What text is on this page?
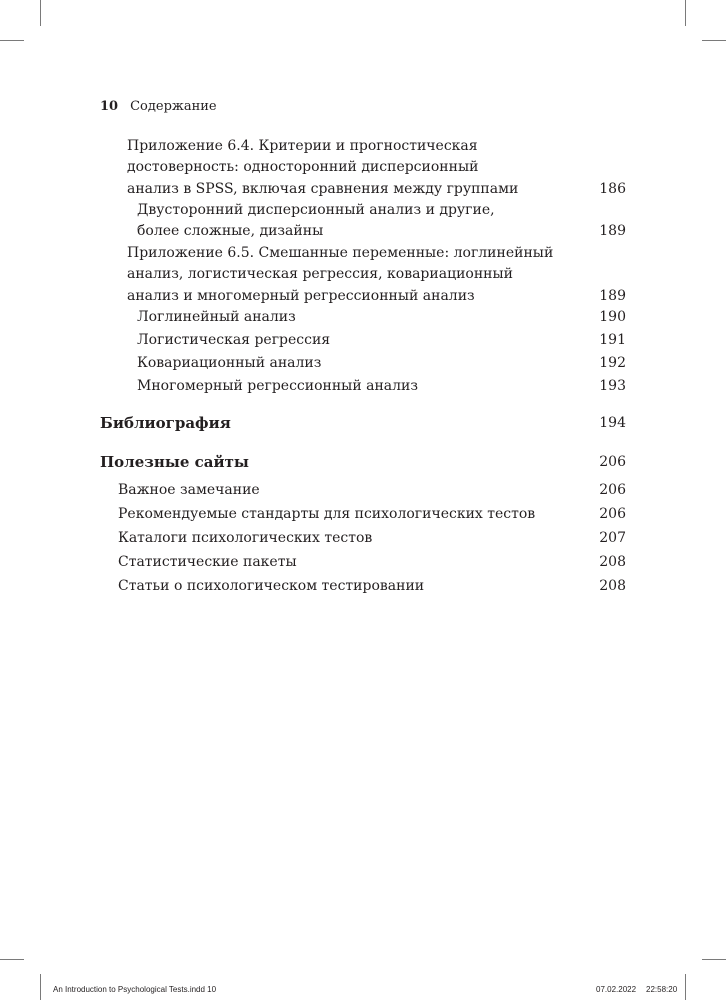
10 Содержание
Приложение 6.4. Критерии и прогностическая
достоверность: односторонний дисперсионный
анализ в SPSS, включая сравнения между группами	186
Двусторонний дисперсионный анализ и другие,
более сложные, дизайны	189
Приложение 6.5. Смешанные переменные: логлинейный
анализ, логистическая регрессия, ковариационный
анализ и многомерный регрессионный анализ	189
Логлинейный анализ	190
Логистическая регрессия	191
Ковариационный анализ	192
Многомерный регрессионный анализ	193
Библиография	194
Полезные сайты	206
Важное замечание	206
Рекомендуемые стандарты для психологических тестов	206
Каталоги психологических тестов	207
Статистические пакеты	208
Статьи о психологическом тестировании	208
An Introduction to Psychological Tests.indd 10	07.02.2022 22:58:20
